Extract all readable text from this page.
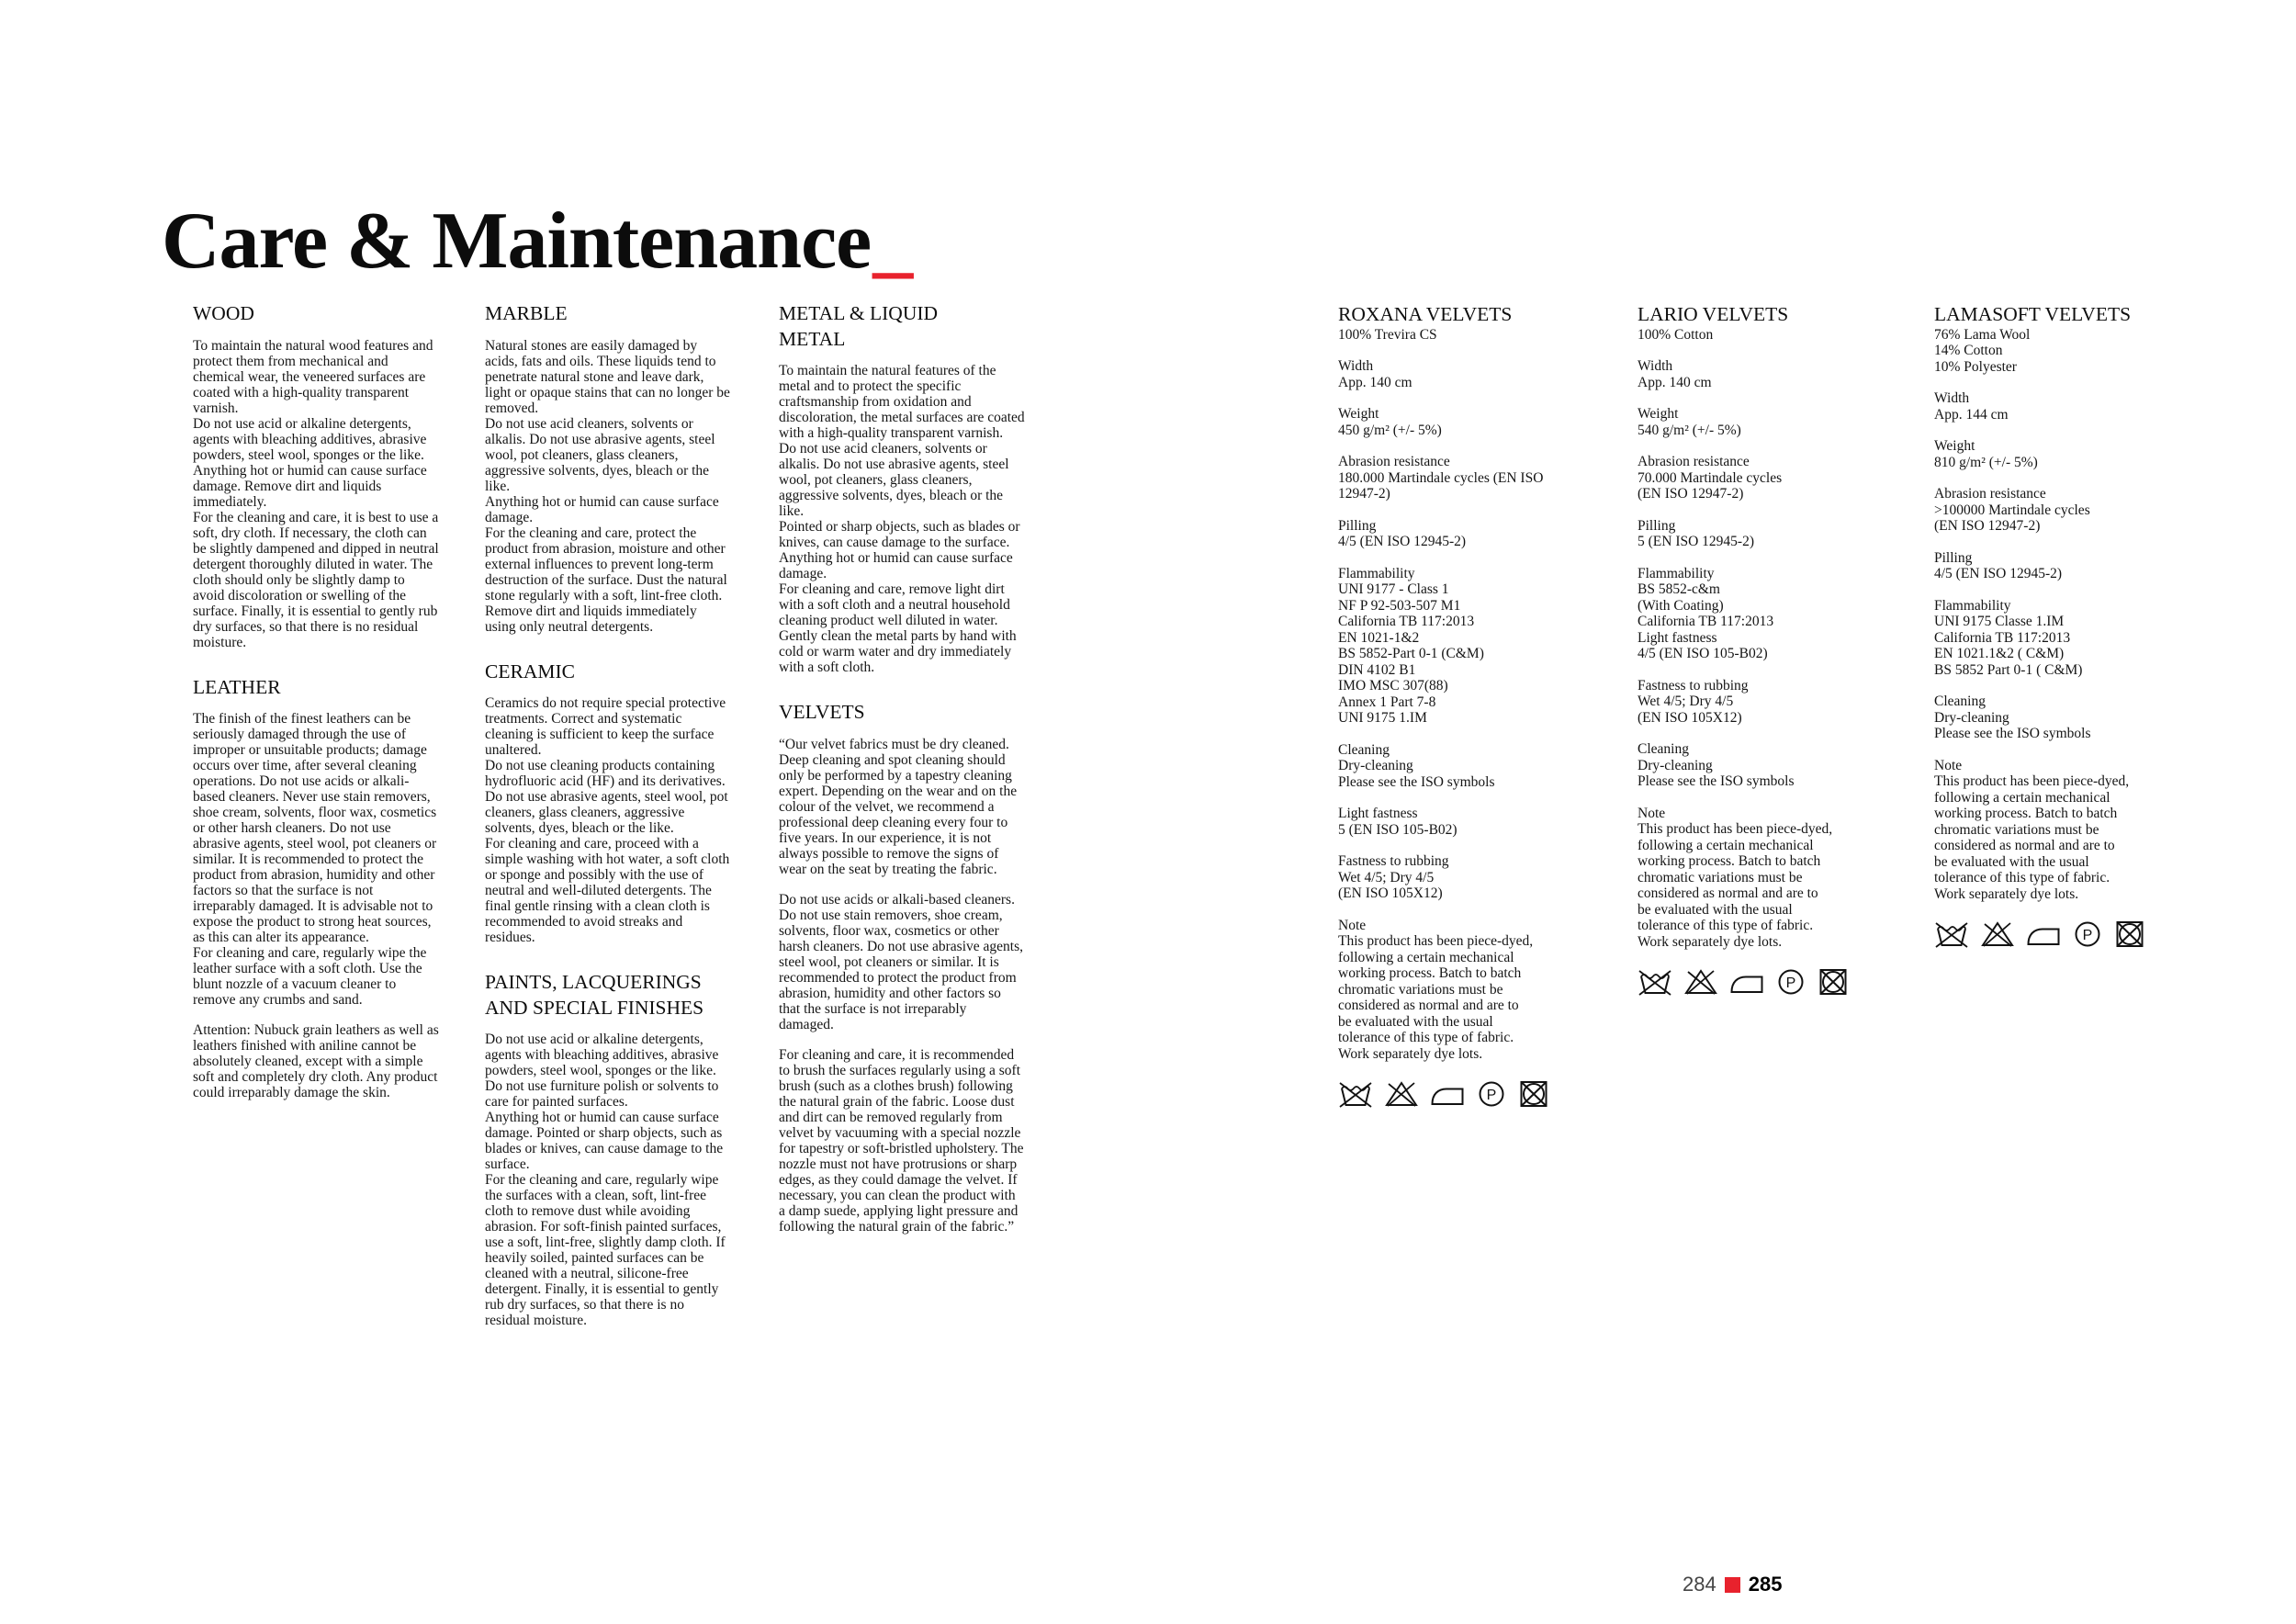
Care & Maintenance_
WOOD

To maintain the natural wood features and protect them from mechanical and chemical wear, the veneered surfaces are coated with a high-quality transparent varnish.

Do not use acid or alkaline detergents, agents with bleaching additives, abrasive powders, steel wool, sponges or the like. Anything hot or humid can cause surface damage. Remove dirt and liquids immediately.

For the cleaning and care, it is best to use a soft, dry cloth. If necessary, the cloth can be slightly dampened and dipped in neutral detergent thoroughly diluted in water. The cloth should only be slightly damp to avoid discoloration or swelling of the surface. Finally, it is essential to gently rub dry surfaces, so that there is no residual moisture.

LEATHER

The finish of the finest leathers can be seriously damaged through the use of improper or unsuitable products; damage occurs over time, after several cleaning operations. Do not use acids or alkali-based cleaners. Never use stain removers, shoe cream, solvents, floor wax, cosmetics or other harsh cleaners. Do not use abrasive agents, steel wool, pot cleaners or similar. It is recommended to protect the product from abrasion, humidity and other factors so that the surface is not irreparably damaged. It is advisable not to expose the product to strong heat sources, as this can alter its appearance.

For cleaning and care, regularly wipe the leather surface with a soft cloth. Use the blunt nozzle of a vacuum cleaner to remove any crumbs and sand.

Attention: Nubuck grain leathers as well as leathers finished with aniline cannot be absolutely cleaned, except with a simple soft and completely dry cloth. Any product could irreparably damage the skin.

MARBLE

Natural stones are easily damaged by acids, fats and oils. These liquids tend to penetrate natural stone and leave dark, light or opaque stains that can no longer be removed.

Do not use acid cleaners, solvents or alkalis. Do not use abrasive agents, steel wool, pot cleaners, glass cleaners, aggressive solvents, dyes, bleach or the like.

Anything hot or humid can cause surface damage.

For the cleaning and care, protect the product from abrasion, moisture and other external influences to prevent long-term destruction of the surface. Dust the natural stone regularly with a soft, lint-free cloth. Remove dirt and liquids immediately using only neutral detergents.

CERAMIC

Ceramics do not require special protective treatments. Correct and systematic cleaning is sufficient to keep the surface unaltered.

Do not use cleaning products containing hydrofluoric acid (HF) and its derivatives. Do not use abrasive agents, steel wool, pot cleaners, glass cleaners, aggressive solvents, dyes, bleach or the like.

For cleaning and care, proceed with a simple washing with hot water, a soft cloth or sponge and possibly with the use of neutral and well-diluted detergents. The final gentle rinsing with a clean cloth is recommended to avoid streaks and residues.

PAINTS, LACQUERINGS AND SPECIAL FINISHES

Do not use acid or alkaline detergents, agents with bleaching additives, abrasive powders, steel wool, sponges or the like. Do not use furniture polish or solvents to care for painted surfaces.

Anything hot or humid can cause surface damage. Pointed or sharp objects, such as blades or knives, can cause damage to the surface.

For the cleaning and care, regularly wipe the surfaces with a clean, soft, lint-free cloth to remove dust while avoiding abrasion. For soft-finish painted surfaces, use a soft, lint-free, slightly damp cloth. If heavily soiled, painted surfaces can be cleaned with a neutral, silicone-free detergent. Finally, it is essential to gently rub dry surfaces, so that there is no residual moisture.

METAL & LIQUID METAL

To maintain the natural features of the metal and to protect the specific craftsmanship from oxidation and discoloration, the metal surfaces are coated with a high-quality transparent varnish.

Do not use acid cleaners, solvents or alkalis. Do not use abrasive agents, steel wool, pot cleaners, glass cleaners, aggressive solvents, dyes, bleach or the like.

Pointed or sharp objects, such as blades or knives, can cause damage to the surface. Anything hot or humid can cause surface damage.

For cleaning and care, remove light dirt with a soft cloth and a neutral household cleaning product well diluted in water. Gently clean the metal parts by hand with cold or warm water and dry immediately with a soft cloth.

VELVETS

“Our velvet fabrics must be dry cleaned. Deep cleaning and spot cleaning should only be performed by a tapestry cleaning expert. Depending on the wear and on the colour of the velvet, we recommend a professional deep cleaning every four to five years. In our experience, it is not always possible to remove the signs of wear on the seat by treating the fabric.

Do not use acids or alkali-based cleaners. Do not use stain removers, shoe cream, solvents, floor wax, cosmetics or other harsh cleaners. Do not use abrasive agents, steel wool, pot cleaners or similar. It is recommended to protect the product from abrasion, humidity and other factors so that the surface is not irreparably damaged.

For cleaning and care, it is recommended to brush the surfaces regularly using a soft brush (such as a clothes brush) following the natural grain of the fabric. Loose dust and dirt can be removed regularly from velvet by vacuuming with a special nozzle for tapestry or soft-bristled upholstery. The nozzle must not have protrusions or sharp edges, as they could damage the velvet. If necessary, you can clean the product with a damp suede, applying light pressure and following the natural grain of the fabric.”

ROXANA VELVETS

100% Trevira CS

Width

App. 140 cm

Weight

450 g/m² (+/- 5%)

Abrasion resistance

180.000 Martindale cycles (EN ISO 12947-2)

Pilling

4/5 (EN ISO 12945-2)

Flammability

UNI 9177 - Class 1

NF P 92-503-507 M1

California TB 117:2013

EN 1021-1&2

BS 5852-Part 0-1 (C&M)

DIN 4102 B1

IMO MSC 307(88)

Annex 1 Part 7-8

UNI 9175 1.IM

Cleaning

Dry-cleaning

Please see the ISO symbols

Light fastness

5 (EN ISO 105-B02)

Fastness to rubbing

Wet 4/5; Dry 4/5

(EN ISO 105X12)

Note

This product has been piece-dyed, following a certain mechanical working process. Batch to batch chromatic variations must be considered as normal and are to be evaluated with the usual tolerance of this type of fabric.

Work separately dye lots.

P
LARIO VELVETS

100% Cotton

Width

App. 140 cm

Weight

540 g/m² (+/- 5%)

Abrasion resistance

70.000 Martindale cycles

(EN ISO 12947-2)

Pilling

5 (EN ISO 12945-2)

Flammability

BS 5852-c&m

(With Coating)

California TB 117:2013

Light fastness

4/5 (EN ISO 105-B02)

Fastness to rubbing

Wet 4/5; Dry 4/5

(EN ISO 105X12)

Cleaning

Dry-cleaning

Please see the ISO symbols

Note

This product has been piece-dyed, following a certain mechanical working process. Batch to batch chromatic variations must be considered as normal and are to be evaluated with the usual tolerance of this type of fabric.

Work separately dye lots.

P
LAMASOFT VELVETS

76% Lama Wool

14% Cotton

10% Polyester

Width

App. 144 cm

Weight

810 g/m² (+/- 5%)

Abrasion resistance

>100000 Martindale cycles

(EN ISO 12947-2)

Pilling

4/5 (EN ISO 12945-2)

Flammability

UNI 9175 Classe 1.IM

California TB 117:2013

EN 1021.1&2 ( C&M)

BS 5852 Part 0-1 ( C&M)

Cleaning

Dry-cleaning

Please see the ISO symbols

Note

This product has been piece-dyed, following a certain mechanical working process. Batch to batch chromatic variations must be considered as normal and are to be evaluated with the usual tolerance of this type of fabric.

Work separately dye lots.

P
284 285
